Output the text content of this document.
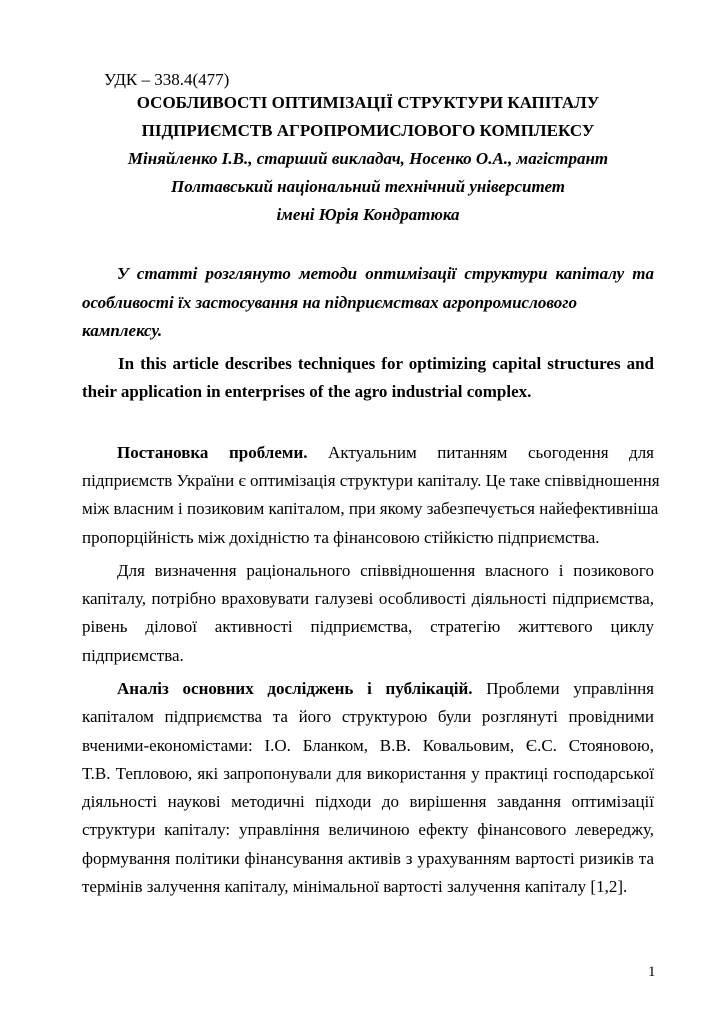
УДК – 338.4(477)
ОСОБЛИВОСТІ ОПТИМІЗАЦІЇ СТРУКТУРИ КАПІТАЛУ
ПІДПРИЄМСТВ АГРОПРОМИСЛОВОГО КОМПЛЕКСУ
Міняйленко І.В., старший викладач, Носенко О.А., магістрант
Полтавський національний технічний університет
імені Юрія Кондратюка
У статті розглянуто методи оптимізації структури капіталу та
особливості їх застосування на підприємствах агропромислового
камплексу.
In this article describes techniques for optimizing capital structures and
their application in enterprises of the agro industrial complex.
Постановка проблеми. Актуальним питанням сьогодення для
підприємств України є оптимізація структури капіталу. Це таке співвідношення
між власним і позиковим капіталом, при якому забезпечується найефективніша
пропорційність між дохідністю та фінансовою стійкістю підприємства.
Для визначення раціонального співвідношення власного і позикового
капіталу, потрібно враховувати галузеві особливості діяльності підприємства,
рівень ділової активності підприємства, стратегію життєвого циклу
підприємства.
Аналіз основних досліджень і публікацій. Проблеми управління
капіталом підприємства та його структурою були розглянуті провідними
вченими-економістами: І.О. Бланком, В.В. Ковальовим, Є.С. Стояновою,
Т.В. Тепловою, які запропонували для використання у практиці господарської
діяльності наукові методичні підходи до вирішення завдання оптимізації
структури капіталу: управління величиною ефекту фінансового левереджу,
формування політики фінансування активів з урахуванням вартості ризиків та
термінів залучення капіталу, мінімальної вартості залучення капіталу [1,2].
1
